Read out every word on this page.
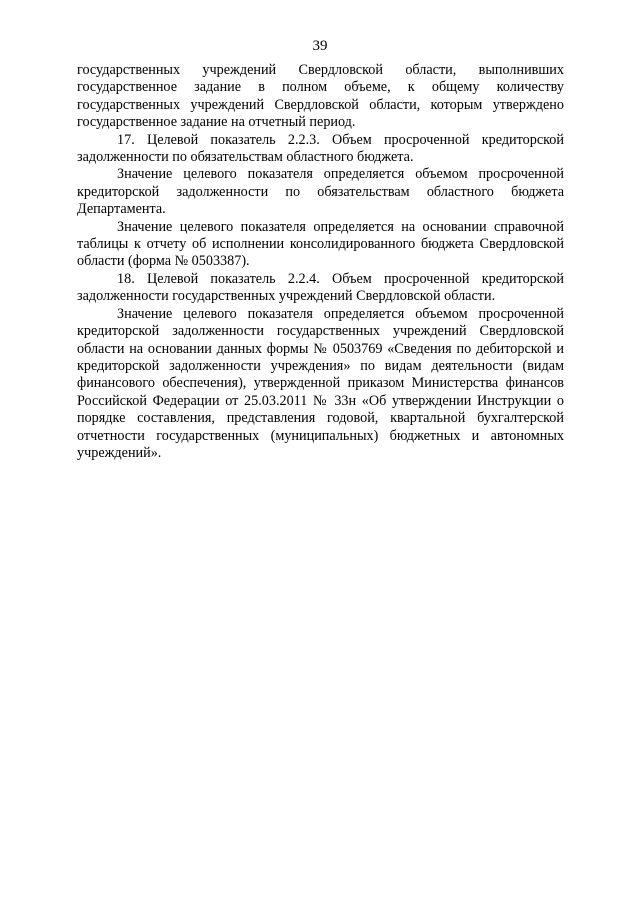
39

государственных учреждений Свердловской области, выполнивших государственное задание в полном объеме, к общему количеству государственных учреждений Свердловской области, которым утверждено государственное задание на отчетный период.

17. Целевой показатель 2.2.3. Объем просроченной кредиторской задолженности по обязательствам областного бюджета.

Значение целевого показателя определяется объемом просроченной кредиторской задолженности по обязательствам областного бюджета Департамента.

Значение целевого показателя определяется на основании справочной таблицы к отчету об исполнении консолидированного бюджета Свердловской области (форма № 0503387).

18. Целевой показатель 2.2.4. Объем просроченной кредиторской задолженности государственных учреждений Свердловской области.

Значение целевого показателя определяется объемом просроченной кредиторской задолженности государственных учреждений Свердловской области на основании данных формы № 0503769 «Сведения по дебиторской и кредиторской задолженности учреждения» по видам деятельности (видам финансового обеспечения), утвержденной приказом Министерства финансов Российской Федерации от 25.03.2011 № 33н «Об утверждении Инструкции о порядке составления, представления годовой, квартальной бухгалтерской отчетности государственных (муниципальных) бюджетных и автономных учреждений».
